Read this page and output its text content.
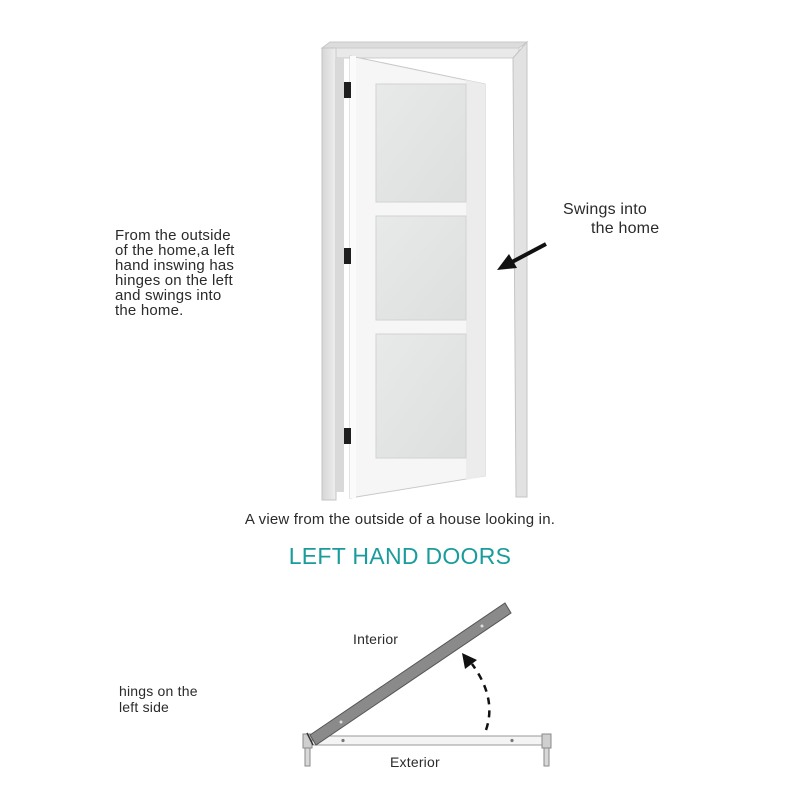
From the outside
of the home,a left
hand inswing has
hinges on the left
and swings into
the home.

Swings into
the home

A view from the outside of a house looking in.

LEFT HAND DOORS

Interior

Exterior

hings on the
left side
